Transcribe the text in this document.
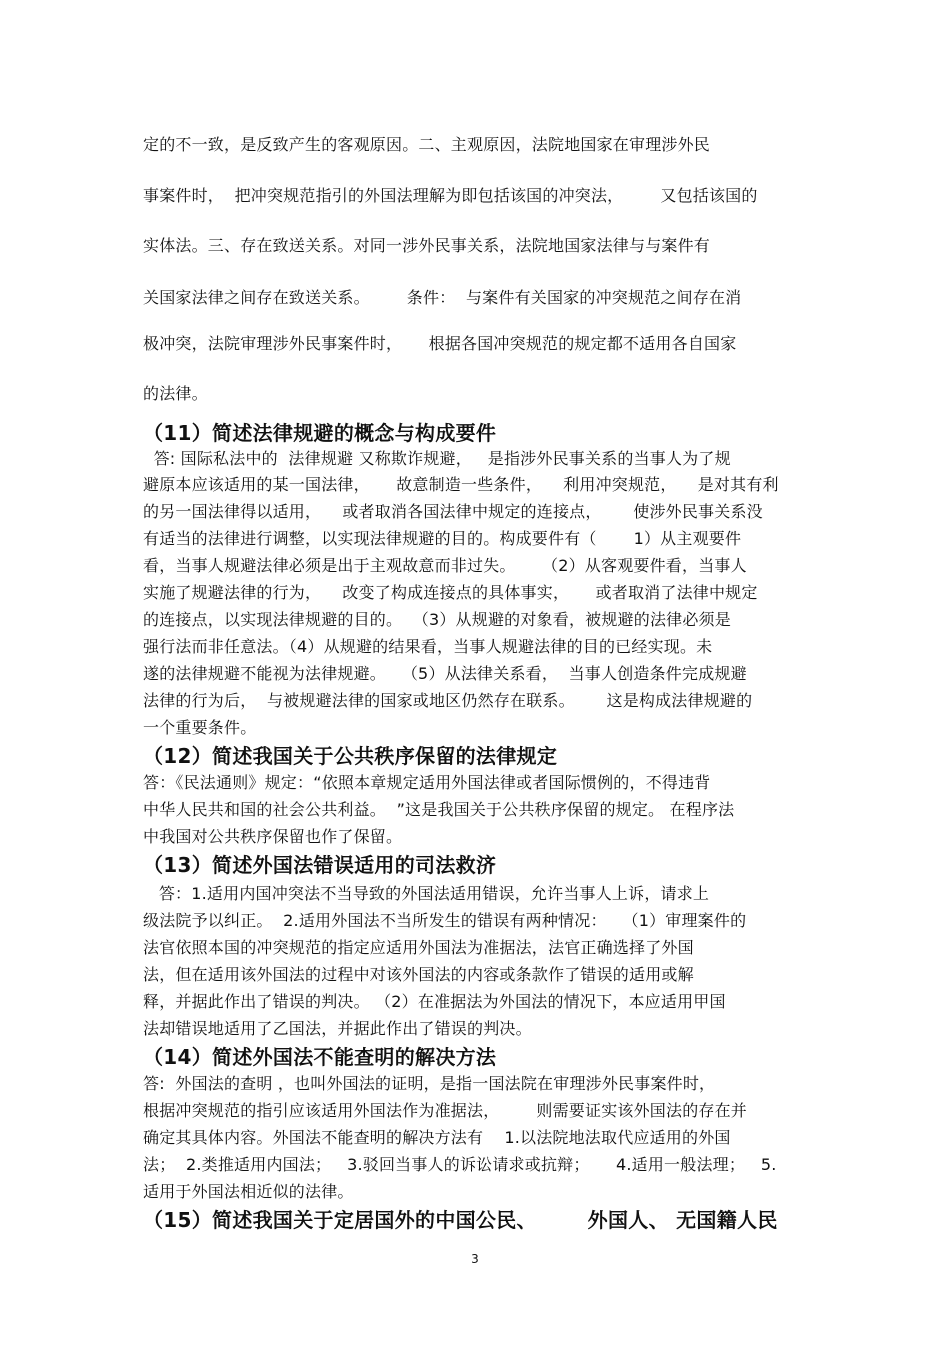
定的不一致，是反致产生的客观原因。二、主观原因，法院地国家在审理涉外民

事案件时，  把冲突规范指引的外国法理解为即包括该国的冲突法，       又包括该国的

实体法。三、存在致送关系。对同一涉外民事关系，法院地国家法律与与案件有

关国家法律之间存在致送关系。       条件：  与案件有关国家的冲突规范之间存在消

极冲突，法院审理涉外民事案件时，     根据各国冲突规范的规定都不适用各自国家

的法律。

（11）简述法律规避的概念与构成要件

答: 国际私法中的  法律规避 又称欺诈规避，   是指涉外民事关系的当事人为了规

避原本应该适用的某一国法律，     故意制造一些条件，    利用冲突规范，    是对其有利

的另一国法律得以适用，    或者取消各国法律中规定的连接点，      使涉外民事关系没

有适当的法律进行调整，以实现法律规避的目的。构成要件有（       1）从主观要件

看，当事人规避法律必须是出于主观故意而非过失。     （2）从客观要件看，当事人

实施了规避法律的行为，    改变了构成连接点的具体事实，     或者取消了法律中规定

的连接点，以实现法律规避的目的。  （3）从规避的对象看，被规避的法律必须是

强行法而非任意法。（4）从规避的结果看，当事人规避法律的目的已经实现。未

遂的法律规避不能视为法律规避。   （5）从法律关系看，  当事人创造条件完成规避

法律的行为后，  与被规避法律的国家或地区仍然存在联系。      这是构成法律规避的

一个重要条件。

（12）简述我国关于公共秩序保留的法律规定

答：《民法通则》规定：“依照本章规定适用外国法律或者国际惯例的，不得违背

中华人民共和国的社会公共利益。  ”这是我国关于公共秩序保留的规定。 在程序法

中我国对公共秩序保留也作了保留。

（13）简述外国法错误适用的司法救济

答：1.适用内国冲突法不当导致的外国法适用错误，允许当事人上诉，请求上

级法院予以纠正。  2.适用外国法不当所发生的错误有两种情况：   （1）审理案件的

法官依照本国的冲突规范的指定应适用外国法为准据法，法官正确选择了外国

法，但在适用该外国法的过程中对该外国法的内容或条款作了错误的适用或解

释，并据此作出了错误的判决。 （2）在准据法为外国法的情况下，本应适用甲国

法却错误地适用了乙国法，并据此作出了错误的判决。

（14）简述外国法不能查明的解决方法

答:  外国法的查明 ，也叫外国法的证明，是指一国法院在审理涉外民事案件时，

根据冲突规范的指引应该适用外国法作为准据法，       则需要证实该外国法的存在并

确定其具体内容。外国法不能查明的解决方法有    1.以法院地法取代应适用的外国

法；  2.类推适用内国法；   3.驳回当事人的诉讼请求或抗辩；     4.适用一般法理；   5.

适用于外国法相近似的法律。

（15）简述我国关于定居国外的中国公民、       外国人、 无国籍人民
3
